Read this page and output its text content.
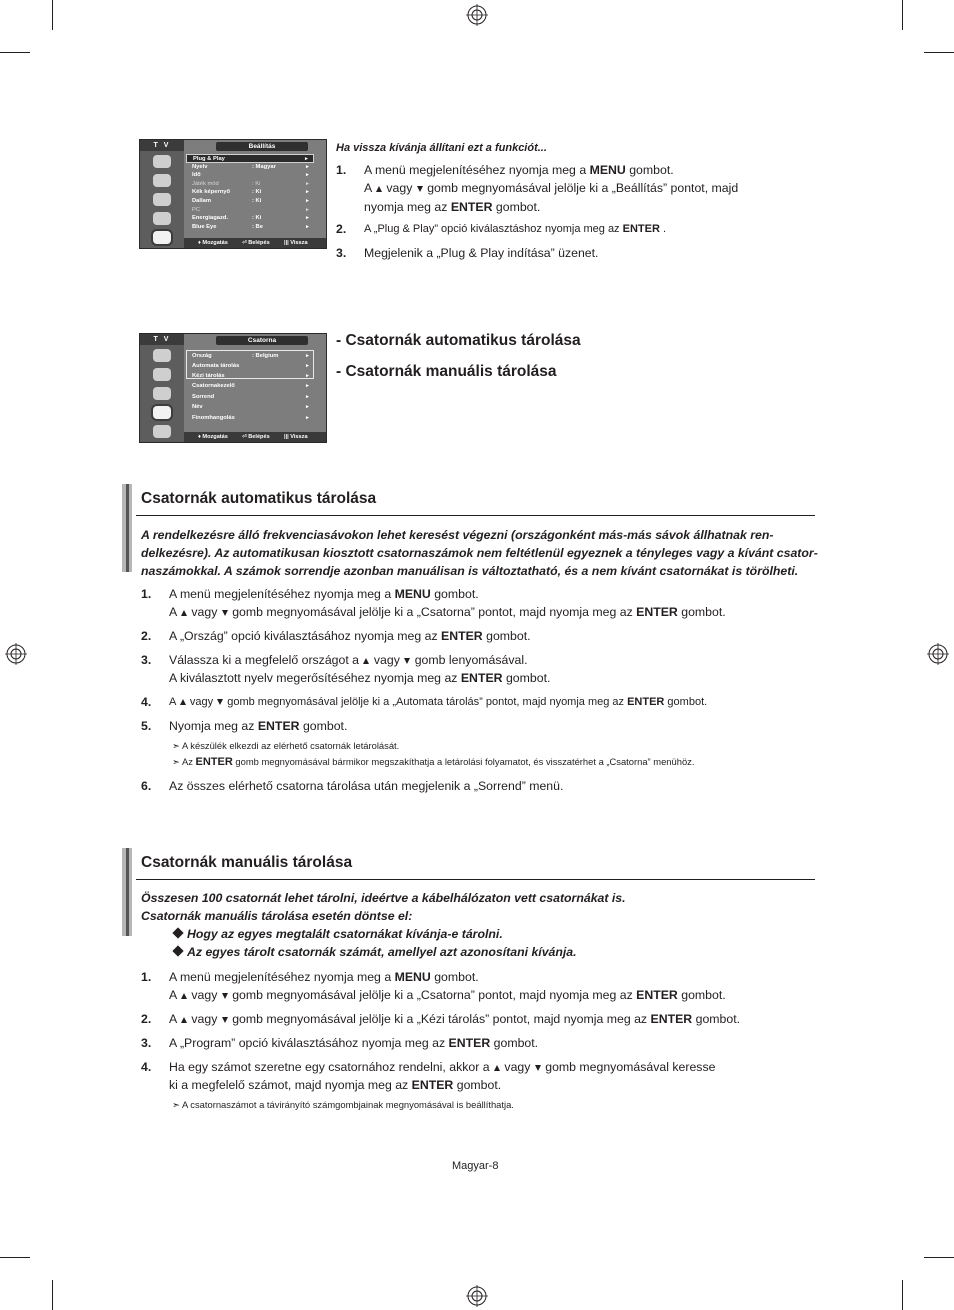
T V	Beállítás
Plug & Play	►
Nyelv	: Magyar	►
Idő	►
Játék mód	: Ki	►
Kék képernyő	: Ki	►
Dallam	: Ki	►
PC	►
Energiagazd.	: Ki	►
Blue Eye	: Be	►
♦ Mozgatás	⏎ Belépés	||| Vissza
Ha vissza kívánja állítani ezt a funkciót...
1. A menü megjelenítéséhez nyomja meg a MENU gombot.
A vagy gomb megnyomásával jelölje ki a „Beállítás” pontot, majd
nyomja meg az ENTER gombot.
2. A „Plug & Play” opció kiválasztáshoz nyomja meg az ENTER .
3. Megjelenik a „Plug & Play indítása” üzenet.
T V	Csatorna
Ország	: Belgium	►
Automata tárolás	►
Kézi tárolás	►
Csatornakezelő	►
Sorrend	►
Név	►
Finomhangolás	►
♦ Mozgatás	⏎ Belépés	||| Vissza
- Csatornák automatikus tárolása
- Csatornák manuális tárolása
Csatornák automatikus tárolása
A rendelkezésre álló frekvenciasávokon lehet keresést végezni (országonként más-más sávok állhatnak ren-
delkezésre). Az automatikusan kiosztott csatornaszámok nem feltétlenül egyeznek a tényleges vagy a kívánt csator-
naszámokkal. A számok sorrendje azonban manuálisan is változtatható, és a nem kívánt csatornákat is törölheti.
1. A menü megjelenítéséhez nyomja meg a MENU gombot.
A vagy gomb megnyomásával jelölje ki a „Csatorna” pontot, majd nyomja meg az ENTER gombot.
2. A „Ország” opció kiválasztásához nyomja meg az ENTER gombot.
3. Válassza ki a megfelelő országot a vagy gomb lenyomásával.
A kiválasztott nyelv megerősítéséhez nyomja meg az ENTER gombot.
4. A vagy gomb megnyomásával jelölje ki a „Automata tárolás” pontot, majd nyomja meg az ENTER gombot.
5. Nyomja meg az ENTER gombot.
➣ A készülék elkezdi az elérhető csatornák letárolását.
➣ Az ENTER gomb megnyomásával bármikor megszakíthatja a letárolási folyamatot, és visszatérhet a „Csatorna” menühöz.
6. Az összes elérhető csatorna tárolása után megjelenik a „Sorrend” menü.
Csatornák manuális tárolása
Összesen 100 csatornát lehet tárolni, ideértve a kábelhálózaton vett csatornákat is.
Csatornák manuális tárolása esetén döntse el:
Hogy az egyes megtalált csatornákat kívánja-e tárolni.
Az egyes tárolt csatornák számát, amellyel azt azonosítani kívánja.
1. A menü megjelenítéséhez nyomja meg a MENU gombot.
A vagy gomb megnyomásával jelölje ki a „Csatorna” pontot, majd nyomja meg az ENTER gombot.
2. A vagy gomb megnyomásával jelölje ki a „Kézi tárolás” pontot, majd nyomja meg az ENTER gombot.
3. A „Program” opció kiválasztásához nyomja meg az ENTER gombot.
4. Ha egy számot szeretne egy csatornához rendelni, akkor a vagy gomb megnyomásával keresse
ki a megfelelő számot, majd nyomja meg az ENTER gombot.
➣ A csatornaszámot a távirányító számgombjainak megnyomásával is beállíthatja.
Magyar-8
